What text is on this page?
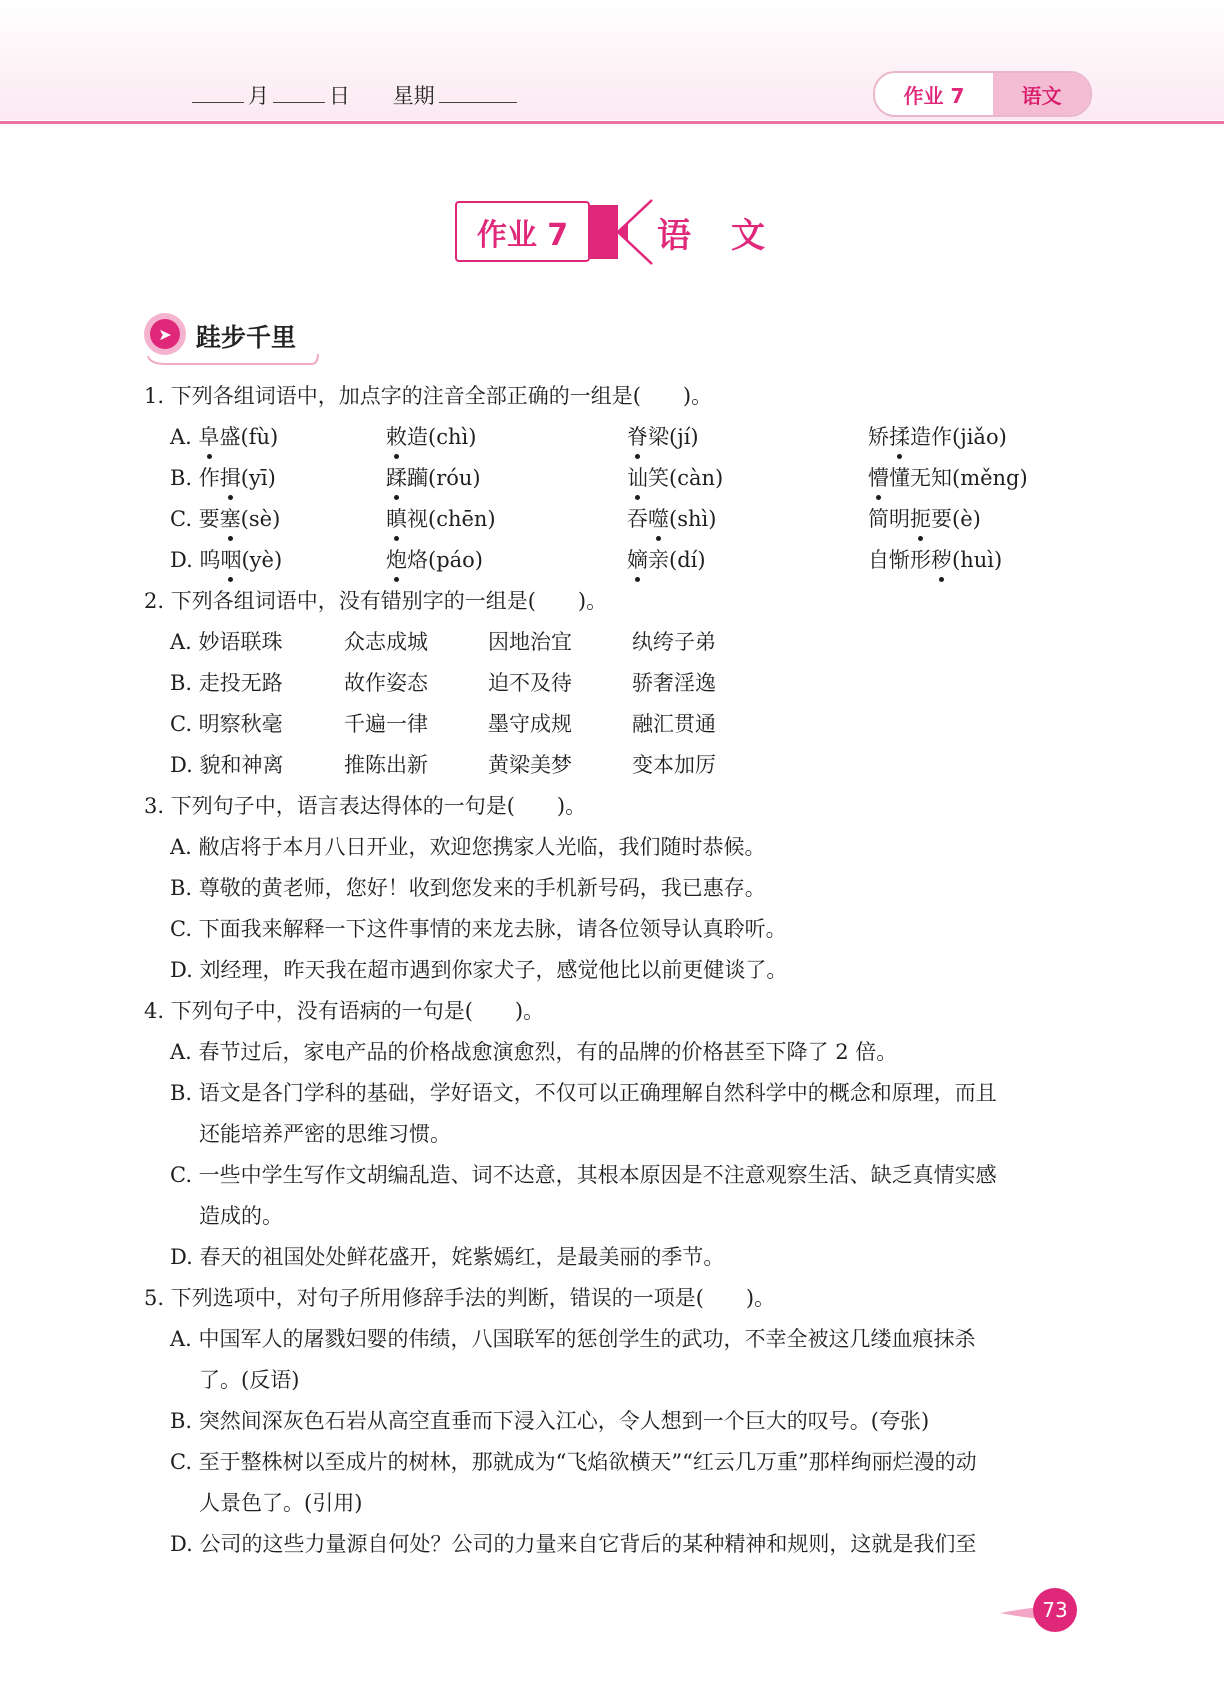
月	日 星期	作业 7	语文
作业 7	语文
➤ 跬步千里
1. 下列各组词语中，加点字的注音全部正确的一组是(　　)。
A. 阜盛(fù)	敕造(chì)	脊梁(jí)	矫揉造作(jiǎo)
B. 作揖(yī)	蹂躏(róu)	讪笑(càn)	懵懂无知(měng)
C. 要塞(sè)	瞋视(chēn)	吞噬(shì)	简明扼要(è)
D. 呜咽(yè)	炮烙(páo)	嫡亲(dí)	自惭形秽(huì)
2. 下列各组词语中，没有错别字的一组是(　　)。
A. 妙语联珠	众志成城	因地治宜	纨绔子弟
B. 走投无路	故作姿态	迫不及待	骄奢淫逸
C. 明察秋毫	千遍一律	墨守成规	融汇贯通
D. 貌和神离	推陈出新	黄梁美梦	变本加厉
3. 下列句子中，语言表达得体的一句是(　　)。
A. 敝店将于本月八日开业，欢迎您携家人光临，我们随时恭候。
B. 尊敬的黄老师，您好！收到您发来的手机新号码，我已惠存。
C. 下面我来解释一下这件事情的来龙去脉，请各位领导认真聆听。
D. 刘经理，昨天我在超市遇到你家犬子，感觉他比以前更健谈了。
4. 下列句子中，没有语病的一句是(　　)。
A. 春节过后，家电产品的价格战愈演愈烈，有的品牌的价格甚至下降了 2 倍。
B. 语文是各门学科的基础，学好语文，不仅可以正确理解自然科学中的概念和原理，而且
还能培养严密的思维习惯。
C. 一些中学生写作文胡编乱造、词不达意，其根本原因是不注意观察生活、缺乏真情实感
造成的。
D. 春天的祖国处处鲜花盛开，姹紫嫣红，是最美丽的季节。
5. 下列选项中，对句子所用修辞手法的判断，错误的一项是(　　)。
A. 中国军人的屠戮妇婴的伟绩，八国联军的惩创学生的武功，不幸全被这几缕血痕抹杀
了。(反语)
B. 突然间深灰色石岩从高空直垂而下浸入江心，令人想到一个巨大的叹号。(夸张)
C. 至于整株树以至成片的树林，那就成为“飞焰欲横天”“红云几万重”那样绚丽烂漫的动
人景色了。(引用)
D. 公司的这些力量源自何处？公司的力量来自它背后的某种精神和规则，这就是我们至
73
